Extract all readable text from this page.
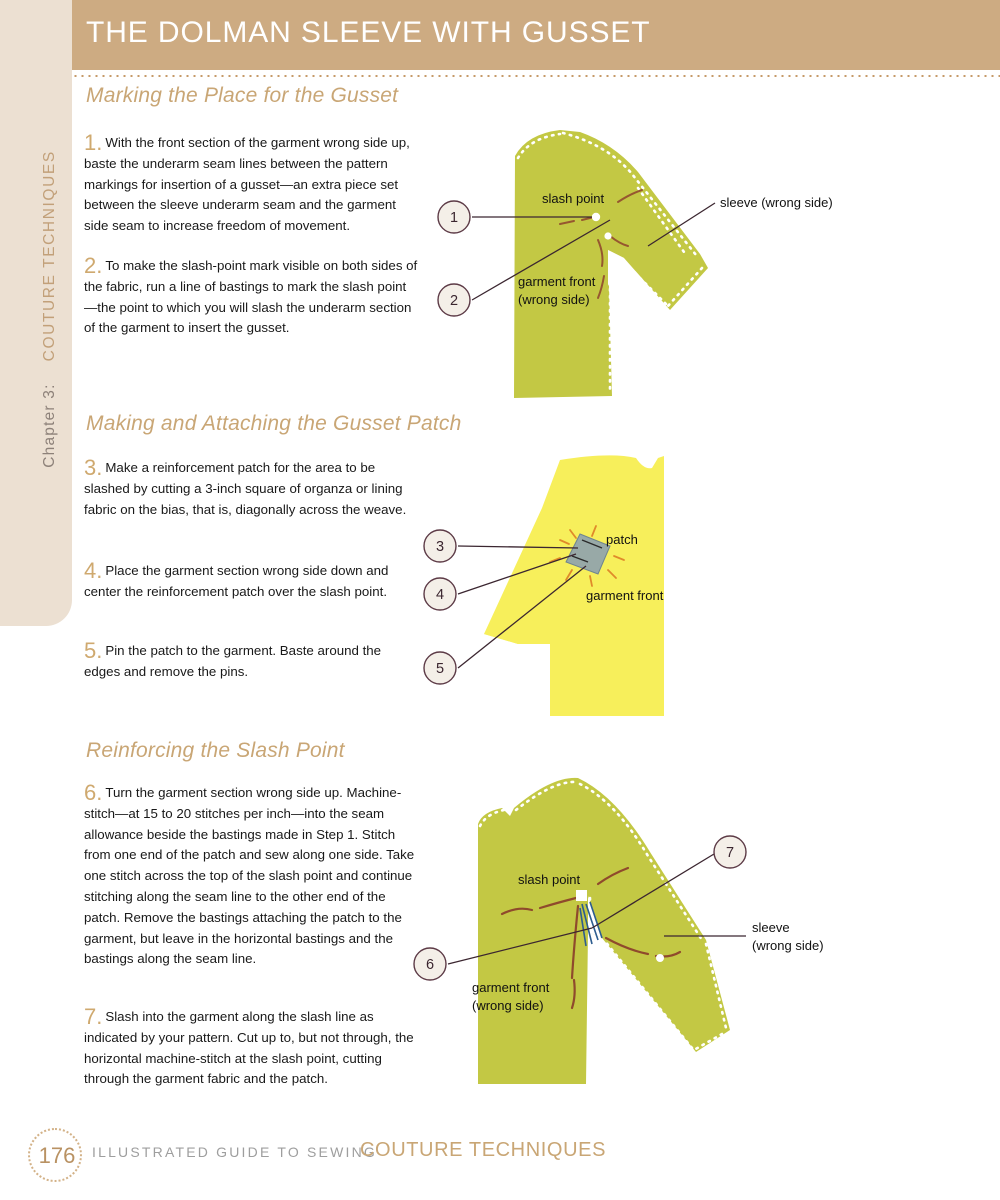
THE DOLMAN SLEEVE WITH GUSSET
Chapter 3:    COUTURE TECHNIQUES
Marking the Place for the Gusset
1. With the front section of the garment wrong side up, baste the underarm seam lines between the pattern markings for insertion of a gusset—an extra piece set between the sleeve underarm seam and the garment side seam to increase freedom of movement.
2. To make the slash-point mark visible on both sides of the fabric, run a line of bastings to mark the slash point—the point to which you will slash the underarm section of the garment to insert the gusset.
1
2
slash point	sleeve (wrong side)
garment front
(wrong side)
Making and Attaching the Gusset Patch
3. Make a reinforcement patch for the area to be slashed by cutting a 3-inch square of organza or lining fabric on the bias, that is, diagonally across the weave.
4. Place the garment section wrong side down and center the reinforcement patch over the slash point.
5. Pin the patch to the garment. Baste around the edges and remove the pins.
3
4
5
patch
garment front
Reinforcing the Slash Point
6. Turn the garment section wrong side up. Machine-stitch—at 15 to 20 stitches per inch—into the seam allowance beside the bastings made in Step 1. Stitch from one end of the patch and sew along one side. Take one stitch across the top of the slash point and continue stitching along the seam line to the other end of the patch. Remove the bastings attaching the patch to the garment, but leave in the horizontal bastings and the bastings along the seam line.
7. Slash into the garment along the slash line as indicated by your pattern. Cut up to, but not through, the horizontal machine-stitch at the slash point, cutting through the garment fabric and the patch.
6
7
slash point
sleeve
(wrong side)
garment front
(wrong side)
176	ILLUSTRATED GUIDE TO SEWING
COUTURE TECHNIQUES
